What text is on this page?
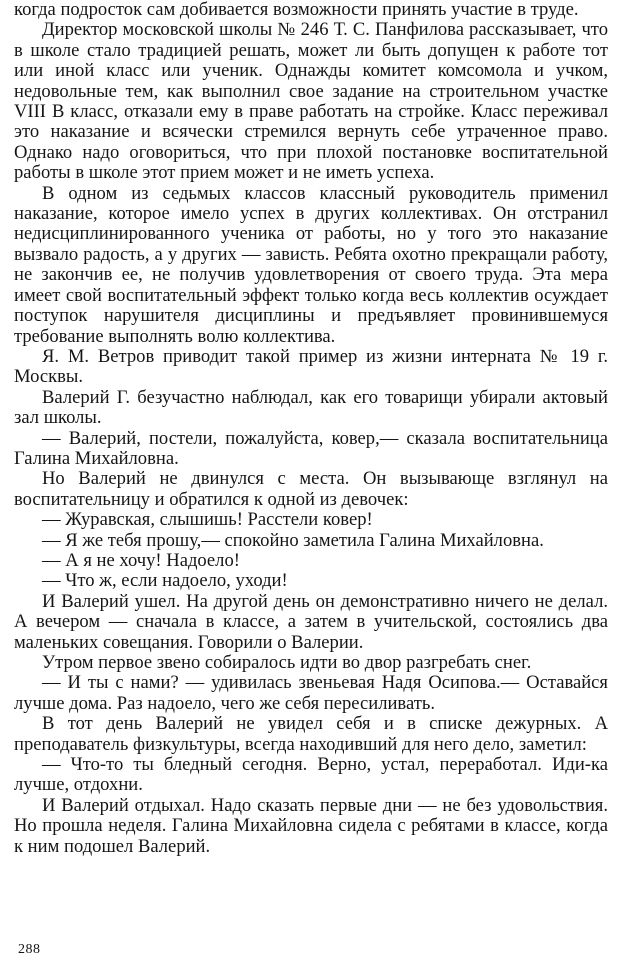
когда подросток сам добивается возможности принять участие в труде.

Директор московской школы № 246 Т. С. Панфилова рассказывает, что в школе стало традицией решать, может ли быть допущен к работе тот или иной класс или ученик. Однажды комитет комсомола и учком, недовольные тем, как выполнил свое задание на строительном участке VIII В класс, отказали ему в праве работать на стройке. Класс переживал это наказание и всячески стремился вернуть себе утраченное право. Однако надо оговориться, что при плохой постановке воспитательной работы в школе этот прием может и не иметь успеха.

В одном из седьмых классов классный руководитель применил наказание, которое имело успех в других коллективах. Он отстранил недисциплинированного ученика от работы, но у того это наказание вызвало радость, а у других — зависть. Ребята охотно прекращали работу, не закончив ее, не получив удовлетворения от своего труда. Эта мера имеет свой воспитательный эффект только когда весь коллектив осуждает поступок нарушителя дисциплины и предъявляет провинившемуся требование выполнять волю коллектива.

Я. М. Ветров приводит такой пример из жизни интерната № 19 г. Москвы.

Валерий Г. безучастно наблюдал, как его товарищи убирали актовый зал школы.

— Валерий, постели, пожалуйста, ковер,— сказала воспитательница Галина Михайловна.

Но Валерий не двинулся с места. Он вызывающе взглянул на воспитательницу и обратился к одной из девочек:

— Журавская, слышишь! Расстели ковер!

— Я же тебя прошу,— спокойно заметила Галина Михайловна.

— А я не хочу! Надоело!

— Что ж, если надоело, уходи!

И Валерий ушел. На другой день он демонстративно ничего не делал. А вечером — сначала в классе, а затем в учительской, состоялись два маленьких совещания. Говорили о Валерии.

Утром первое звено собиралось идти во двор разгребать снег.

— И ты с нами? — удивилась звеньевая Надя Осипова.— Оставайся лучше дома. Раз надоело, чего же себя пересиливать.

В тот день Валерий не увидел себя и в списке дежурных. А преподаватель физкультуры, всегда находивший для него дело, заметил:

— Что-то ты бледный сегодня. Верно, устал, переработал. Иди-ка лучше, отдохни.

И Валерий отдыхал. Надо сказать первые дни — не без удовольствия. Но прошла неделя. Галина Михайловна сидела с ребятами в классе, когда к ним подошел Валерий.

288
